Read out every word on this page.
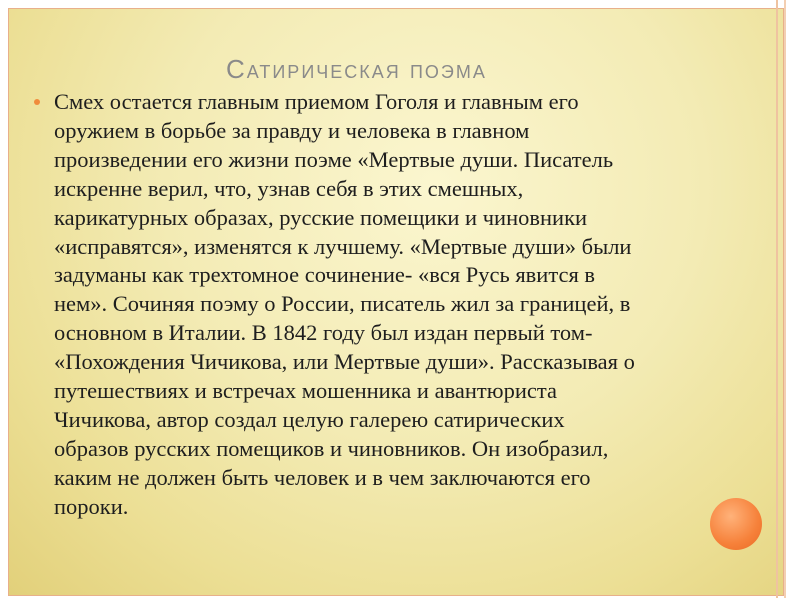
Сатирическая поэма
Смех остается главным приемом Гоголя и главным его
оружием в борьбе за правду и человека в главном
произведении его жизни поэме «Мертвые души. Писатель
искренне верил, что, узнав себя в этих смешных,
карикатурных образах, русские помещики и чиновники
«исправятся», изменятся к лучшему. «Мертвые души» были
задуманы как трехтомное сочинение- «вся Русь явится в
нем». Сочиняя поэму о России, писатель жил за границей, в
основном в Италии. В 1842 году был издан первый том-
«Похождения Чичикова, или Мертвые души». Рассказывая о
путешествиях и встречах мошенника и авантюриста
Чичикова, автор создал целую галерею сатирических
образов русских помещиков и чиновников. Он изобразил,
каким не должен быть человек и в чем заключаются его
пороки.
